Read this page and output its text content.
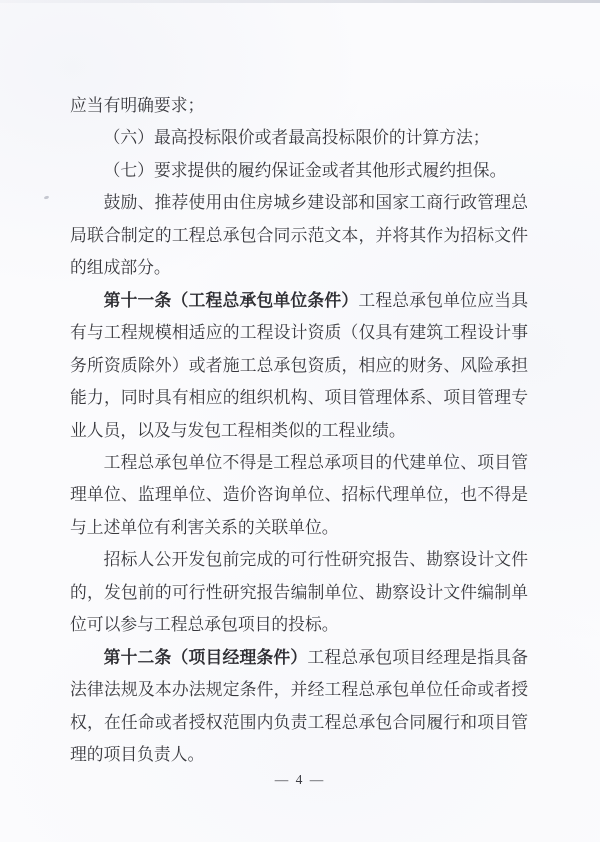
应当有明确要求；
（六）最高投标限价或者最高投标限价的计算方法；
（七）要求提供的履约保证金或者其他形式履约担保。
鼓励、推荐使用由住房城乡建设部和国家工商行政管理总
局联合制定的工程总承包合同示范文本，并将其作为招标文件
的组成部分。
第十一条（工程总承包单位条件）工程总承包单位应当具
有与工程规模相适应的工程设计资质（仅具有建筑工程设计事
务所资质除外）或者施工总承包资质，相应的财务、风险承担
能力，同时具有相应的组织机构、项目管理体系、项目管理专
业人员，以及与发包工程相类似的工程业绩。
工程总承包单位不得是工程总承项目的代建单位、项目管
理单位、监理单位、造价咨询单位、招标代理单位，也不得是
与上述单位有利害关系的关联单位。
招标人公开发包前完成的可行性研究报告、勘察设计文件
的，发包前的可行性研究报告编制单位、勘察设计文件编制单
位可以参与工程总承包项目的投标。
第十二条（项目经理条件）工程总承包项目经理是指具备
法律法规及本办法规定条件，并经工程总承包单位任命或者授
权，在任命或者授权范围内负责工程总承包合同履行和项目管
理的项目负责人。
— 4 —
